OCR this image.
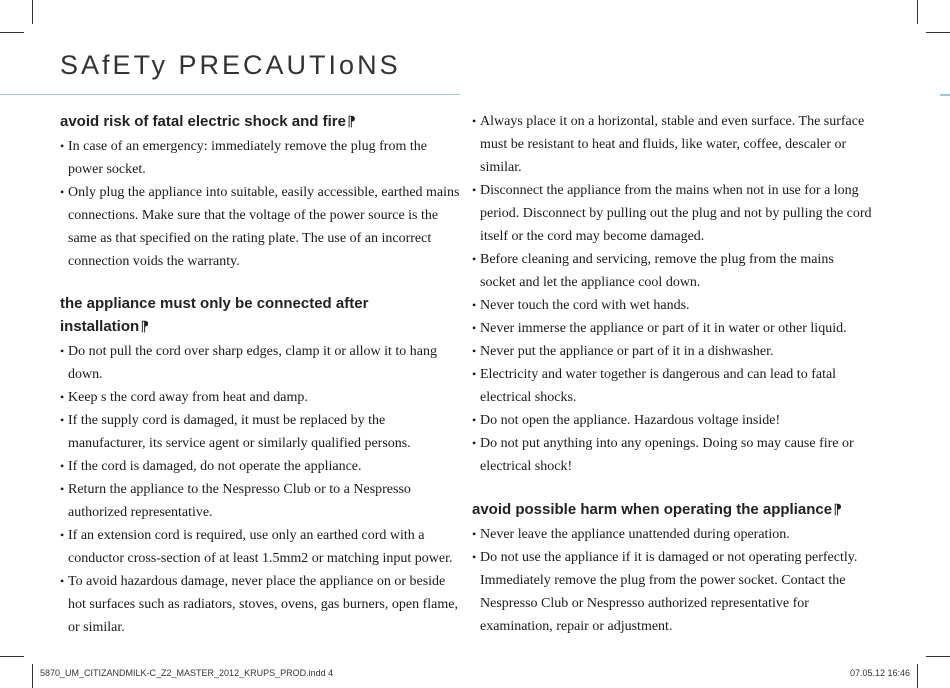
SAfETy PRECAUTIoNS
avoid risk of fatal electric shock and fire⁋
• In case of an emergency: immediately remove the plug from the power socket.
• Only plug the appliance into suitable, easily accessible, earthed mains connections. Make sure that the voltage of the power source is the same as that specified on the rating plate. The use of an incorrect connection voids the warranty.
the appliance must only be connected after installation⁋
• Do not pull the cord over sharp edges, clamp it or allow it to hang down.
• Keep s the cord away from heat and damp.
• If the supply cord is damaged, it must be replaced by the manufacturer, its service agent or similarly qualified persons.
• If the cord is damaged, do not operate the appliance.
• Return the appliance to the Nespresso Club or to a Nespresso authorized representative.
• If an extension cord is required, use only an earthed cord with a conductor cross-section of at least 1.5mm2 or matching input power.
• To avoid hazardous damage, never place the appliance on or beside hot surfaces such as radiators, stoves, ovens, gas burners, open flame, or similar.
• Always place it on a horizontal, stable and even surface. The surface must be resistant to heat and fluids, like water, coffee, descaler or similar.
• Disconnect the appliance from the mains when not in use for a long period. Disconnect by pulling out the plug and not by pulling the cord itself or the cord may become damaged.
• Before cleaning and servicing, remove the plug from the mains socket and let the appliance cool down.
• Never touch the cord with wet hands.
• Never immerse the appliance or part of it in water or other liquid.
• Never put the appliance or part of it in a dishwasher.
• Electricity and water together is dangerous and can lead to fatal electrical shocks.
• Do not open the appliance. Hazardous voltage inside!
• Do not put anything into any openings. Doing so may cause fire or electrical shock!
avoid possible harm when operating the appliance⁋
• Never leave the appliance unattended during operation.
• Do not use the appliance if it is damaged or not operating perfectly. Immediately remove the plug from the power socket. Contact the Nespresso Club or Nespresso authorized representative for examination, repair or adjustment.
5870_UM_CITIZANDMILK-C_Z2_MASTER_2012_KRUPS_PROD.indd 4	07.05.12 16:46
